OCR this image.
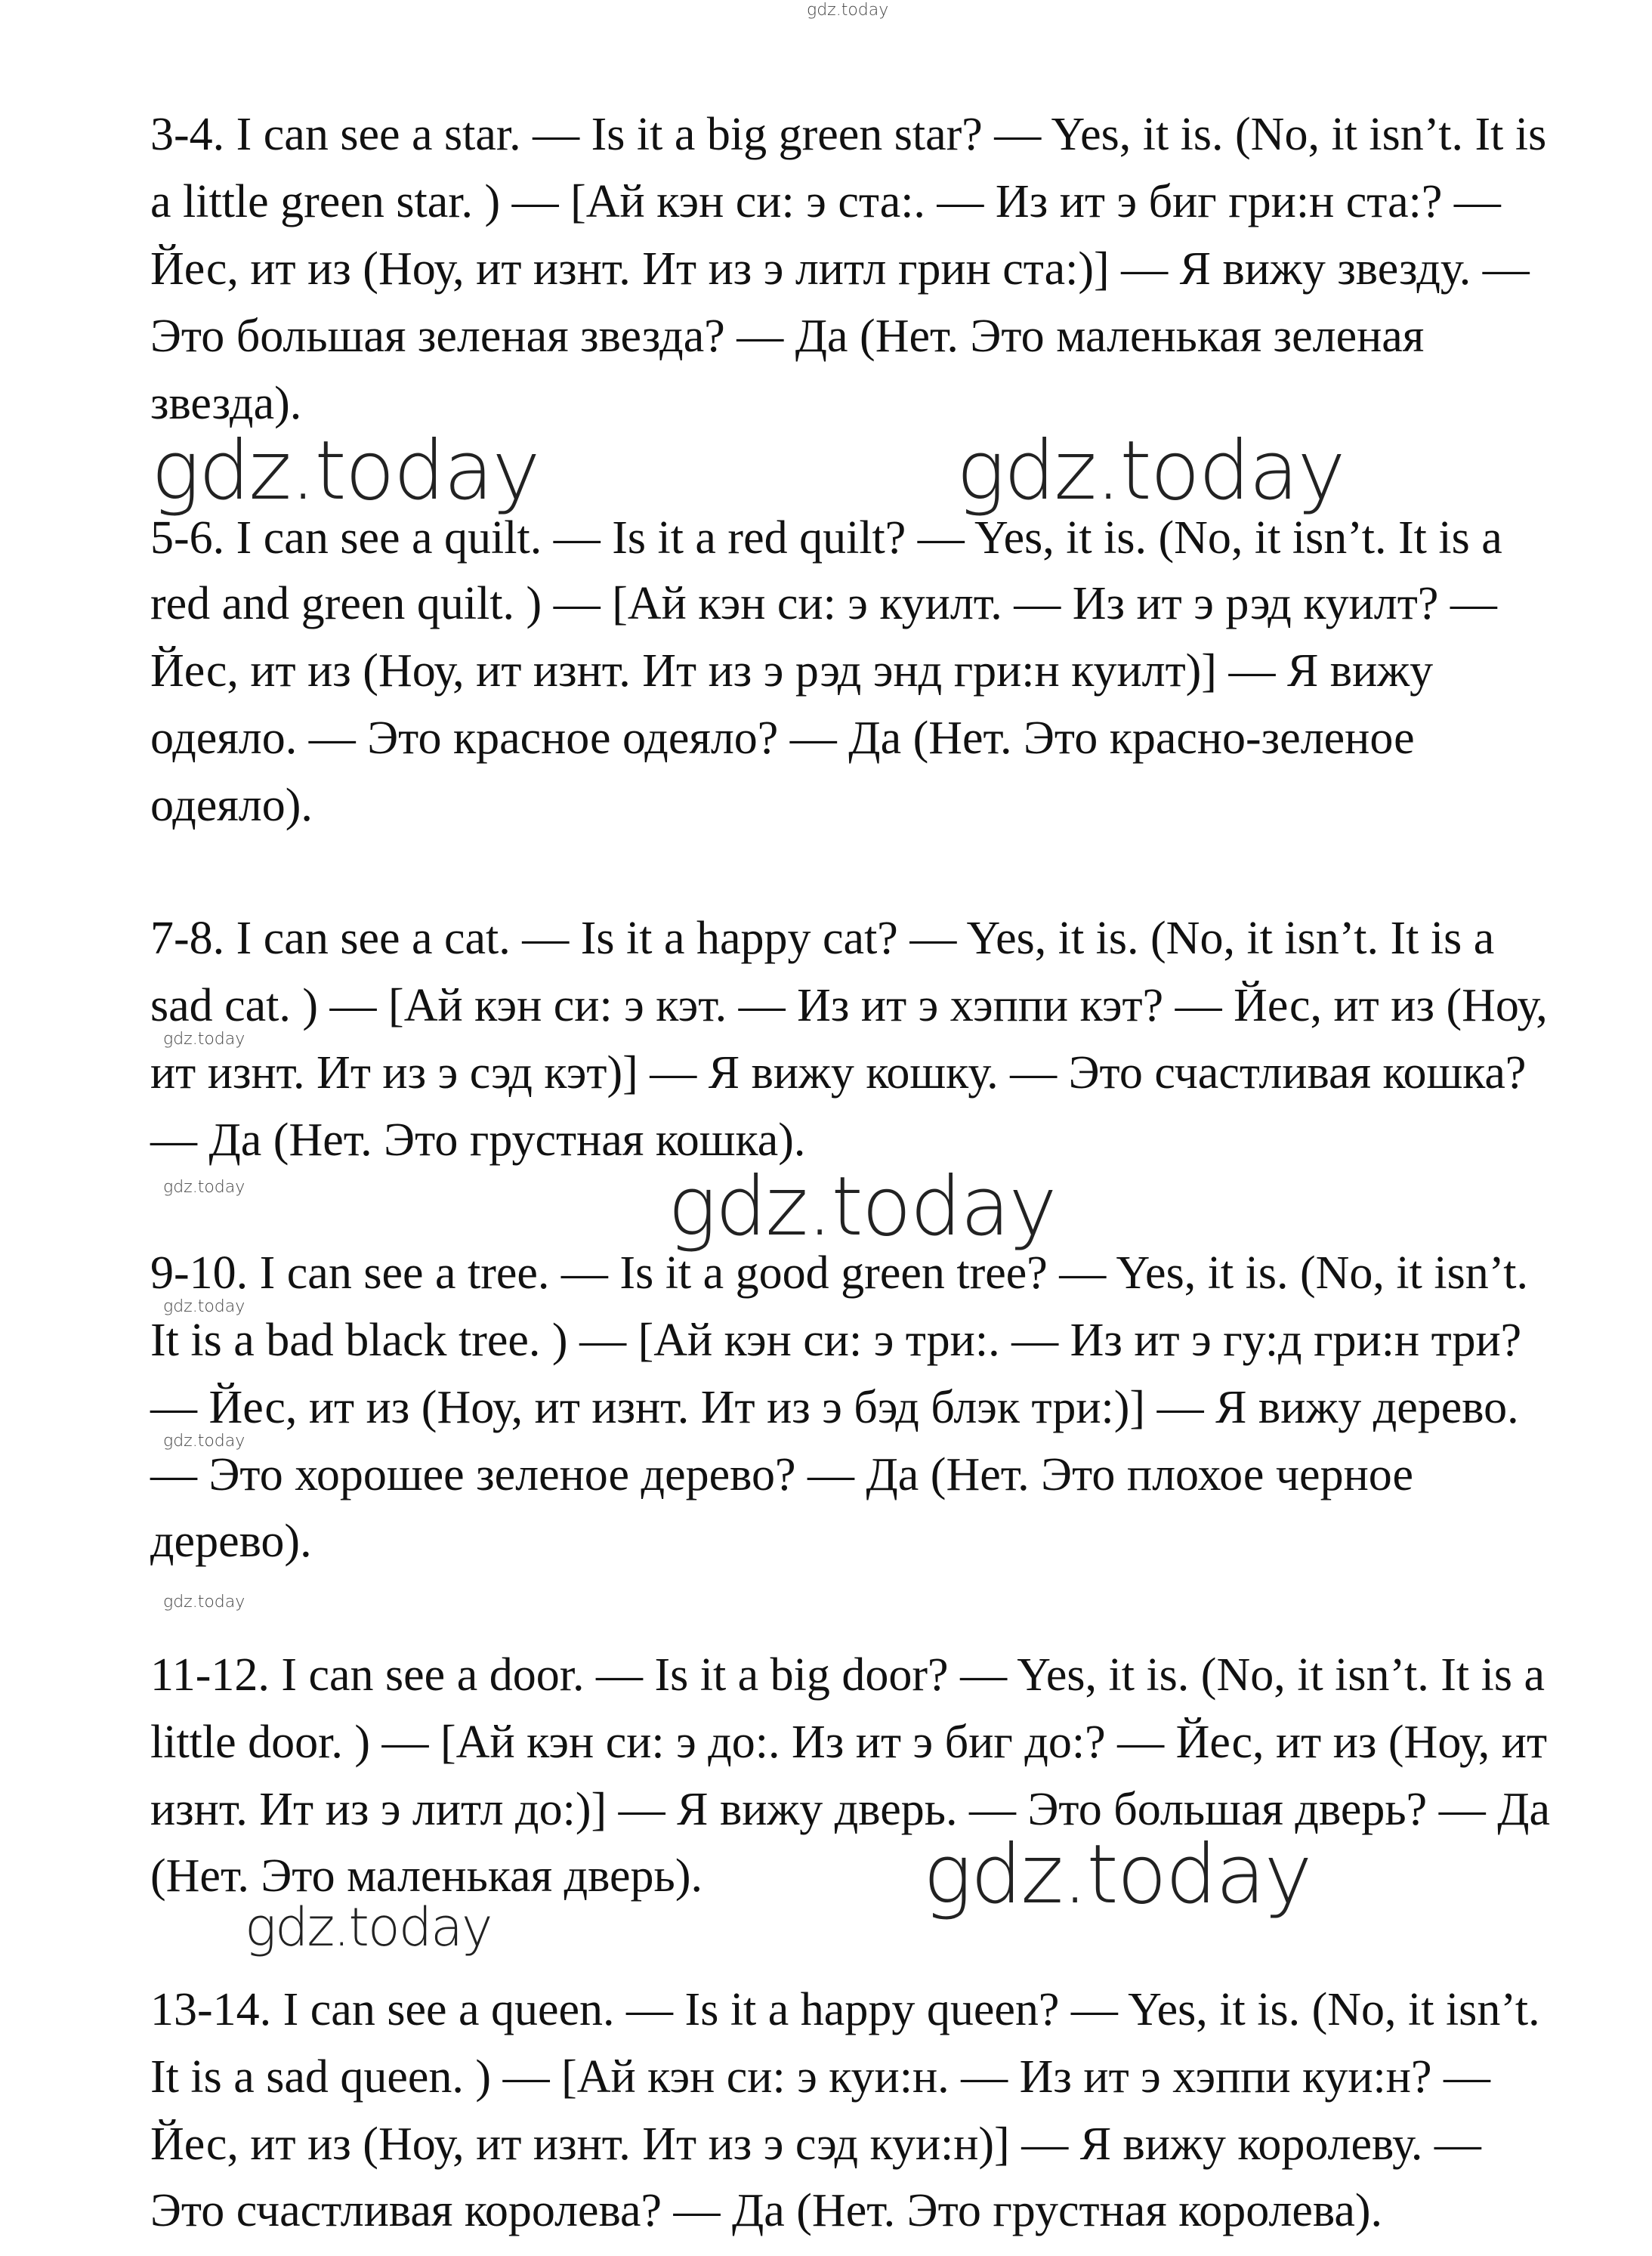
3-4. I can see a star. — Is it a big green star? — Yes, it is. (No, it isn’t. It is
a little green star. ) — [Ай кэн си: э ста:. — Из ит э биг гри:н ста:? —
Йес, ит из (Ноу, ит изнт. Ит из э литл грин ста:)] — Я вижу звезду. —
Это большая зеленая звезда? — Да (Нет. Это маленькая зеленая
звезда).
5-6. I can see a quilt. — Is it a red quilt? — Yes, it is. (No, it isn’t. It is a
red and green quilt. ) — [Ай кэн си: э куилт. — Из ит э рэд куилт? —
Йес, ит из (Ноу, ит изнт. Ит из э рэд энд гри:н куилт)] — Я вижу
одеяло. — Это красное одеяло? — Да (Нет. Это красно-зеленое
одеяло).
7-8. I can see a cat. — Is it a happy cat? — Yes, it is. (No, it isn’t. It is a
sad cat. ) — [Ай кэн си: э кэт. — Из ит э хэппи кэт? — Йес, ит из (Ноу,
ит изнт. Ит из э сэд кэт)] — Я вижу кошку. — Это счастливая кошка?
— Да (Нет. Это грустная кошка).
9-10. I can see a tree. — Is it a good green tree? — Yes, it is. (No, it isn’t.
It is a bad black tree. ) — [Ай кэн си: э три:. — Из ит э гу:д гри:н три?
— Йес, ит из (Ноу, ит изнт. Ит из э бэд блэк три:)] — Я вижу дерево.
— Это хорошее зеленое дерево? — Да (Нет. Это плохое черное
дерево).
11-12. I can see a door. — Is it a big door? — Yes, it is. (No, it isn’t. It is a
little door. ) — [Ай кэн си: э до:. Из ит э биг до:? — Йес, ит из (Ноу, ит
изнт. Ит из э литл до:)] — Я вижу дверь. — Это большая дверь? — Да
(Нет. Это маленькая дверь).
13-14. I can see a queen. — Is it a happy queen? — Yes, it is. (No, it isn’t.
It is a sad queen. ) — [Ай кэн си: э куи:н. — Из ит э хэппи куи:н? —
Йес, ит из (Ноу, ит изнт. Ит из э сэд куи:н)] — Я вижу королеву. —
Это счастливая королева? — Да (Нет. Это грустная королева).
gdz.today
gdz.today	gdz.today
gdz.today
gdz.today	gdz.today
gdz.today
gdz.today
gdz.today
gdz.today
gdz.today
